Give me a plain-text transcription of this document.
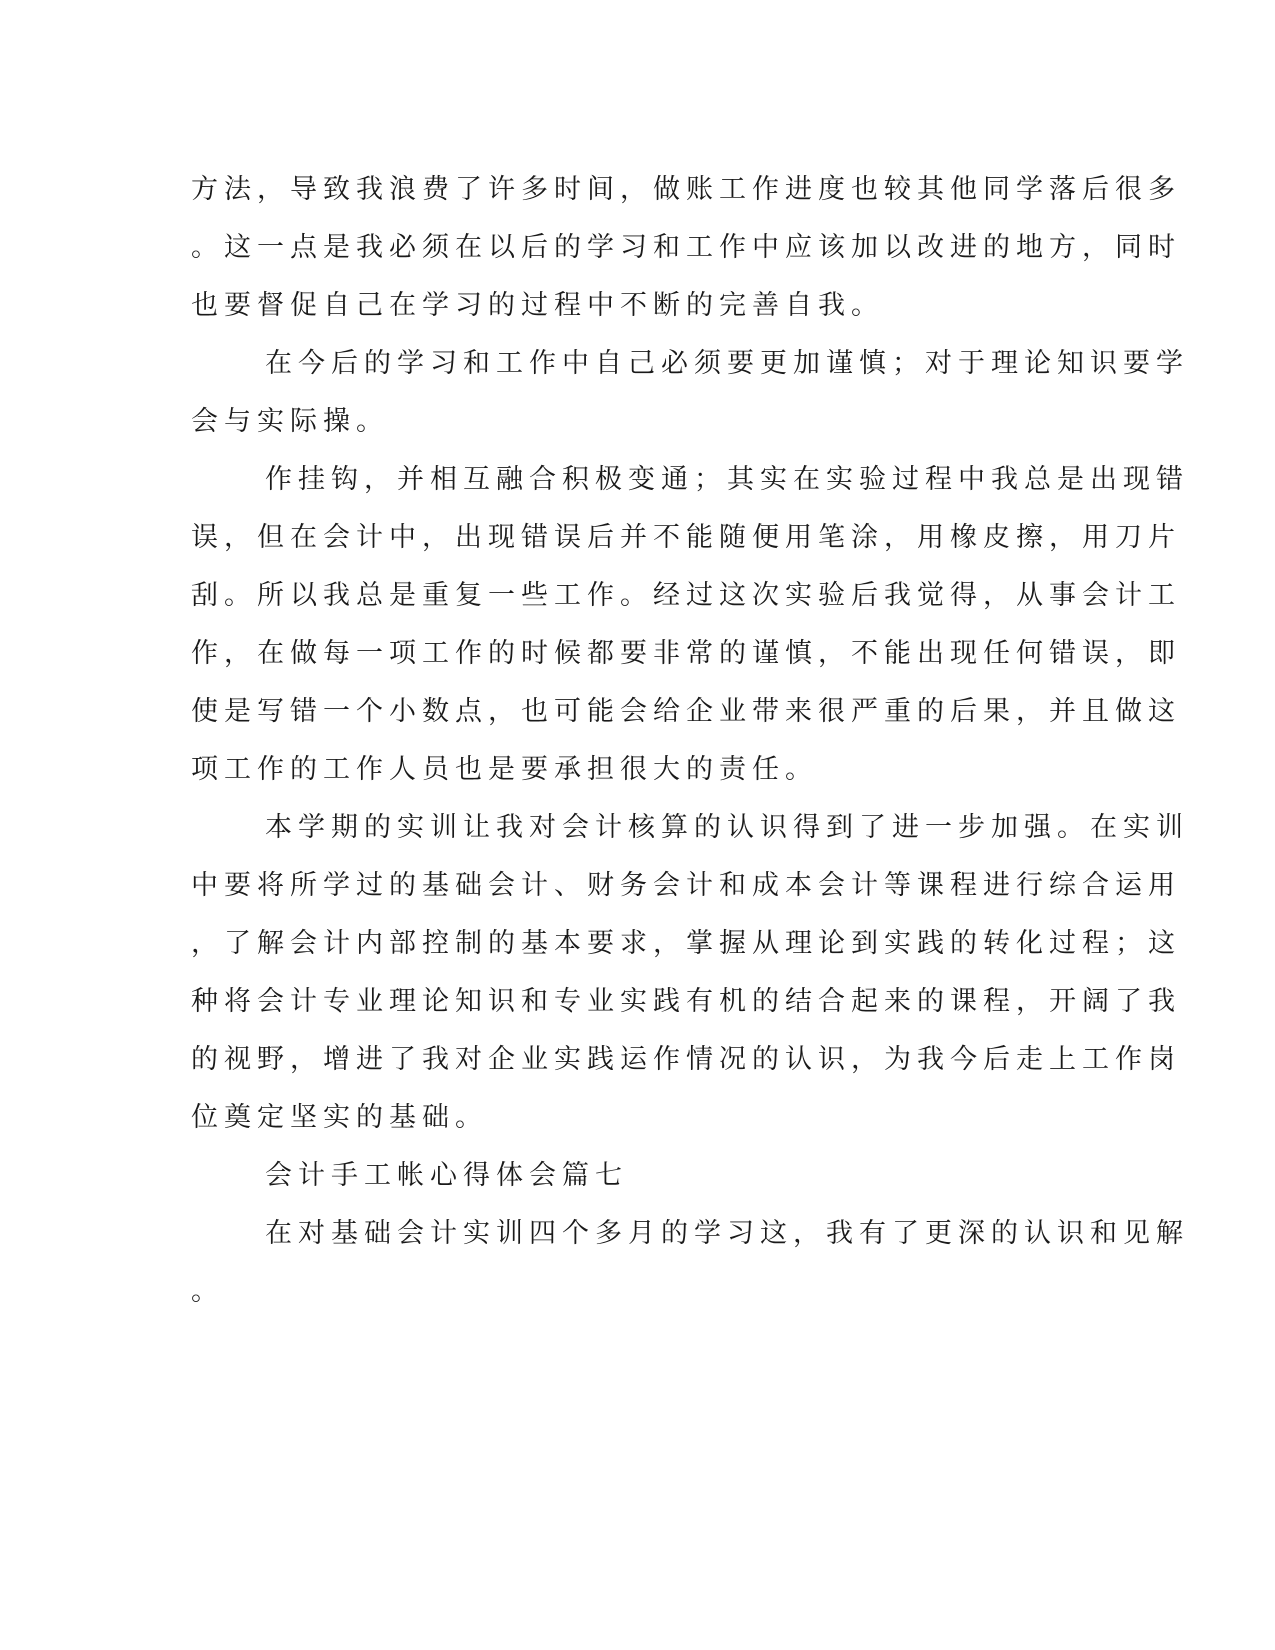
方法，导致我浪费了许多时间，做账工作进度也较其他同学落后很多
。这一点是我必须在以后的学习和工作中应该加以改进的地方，同时
也要督促自己在学习的过程中不断的完善自我。
在今后的学习和工作中自己必须要更加谨慎；对于理论知识要学
会与实际操。
作挂钩，并相互融合积极变通；其实在实验过程中我总是出现错
误，但在会计中，出现错误后并不能随便用笔涂，用橡皮擦，用刀片
刮。所以我总是重复一些工作。经过这次实验后我觉得，从事会计工
作，在做每一项工作的时候都要非常的谨慎，不能出现任何错误，即
使是写错一个小数点，也可能会给企业带来很严重的后果，并且做这
项工作的工作人员也是要承担很大的责任。
本学期的实训让我对会计核算的认识得到了进一步加强。在实训
中要将所学过的基础会计、财务会计和成本会计等课程进行综合运用
，了解会计内部控制的基本要求，掌握从理论到实践的转化过程；这
种将会计专业理论知识和专业实践有机的结合起来的课程，开阔了我
的视野，增进了我对企业实践运作情况的认识，为我今后走上工作岗
位奠定坚实的基础。
会计手工帐心得体会篇七
在对基础会计实训四个多月的学习这，我有了更深的认识和见解
。
